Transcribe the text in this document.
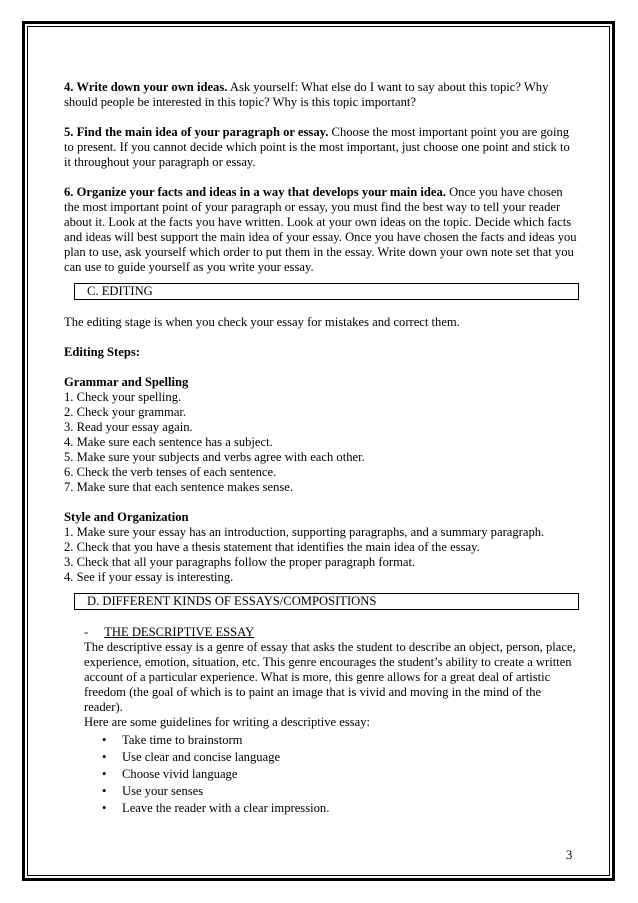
4. Write down your own ideas. Ask yourself: What else do I want to say about this topic? Why should people be interested in this topic? Why is this topic important?

5. Find the main idea of your paragraph or essay. Choose the most important point you are going to present. If you cannot decide which point is the most important, just choose one point and stick to it throughout your paragraph or essay.

6. Organize your facts and ideas in a way that develops your main idea. Once you have chosen the most important point of your paragraph or essay, you must find the best way to tell your reader about it. Look at the facts you have written. Look at your own ideas on the topic. Decide which facts and ideas will best support the main idea of your essay. Once you have chosen the facts and ideas you plan to use, ask yourself which order to put them in the essay. Write down your own note set that you can use to guide yourself as you write your essay.

C. EDITING

The editing stage is when you check your essay for mistakes and correct them.

Editing Steps:

Grammar and Spelling

1. Check your spelling.

2. Check your grammar.

3. Read your essay again.

4. Make sure each sentence has a subject.

5. Make sure your subjects and verbs agree with each other.

6. Check the verb tenses of each sentence.

7. Make sure that each sentence makes sense.

Style and Organization

1. Make sure your essay has an introduction, supporting paragraphs, and a summary paragraph.

2. Check that you have a thesis statement that identifies the main idea of the essay.

3. Check that all your paragraphs follow the proper paragraph format.

4. See if your essay is interesting.

D. DIFFERENT KINDS OF ESSAYS/COMPOSITIONS

- THE DESCRIPTIVE ESSAY

The descriptive essay is a genre of essay that asks the student to describe an object, person, place, experience, emotion, situation, etc. This genre encourages the student’s ability to create a written account of a particular experience. What is more, this genre allows for a great deal of artistic freedom (the goal of which is to paint an image that is vivid and moving in the mind of the reader).

Here are some guidelines for writing a descriptive essay:

• Take time to brainstorm
• Use clear and concise language
• Choose vivid language
• Use your senses
• Leave the reader with a clear impression.
3
